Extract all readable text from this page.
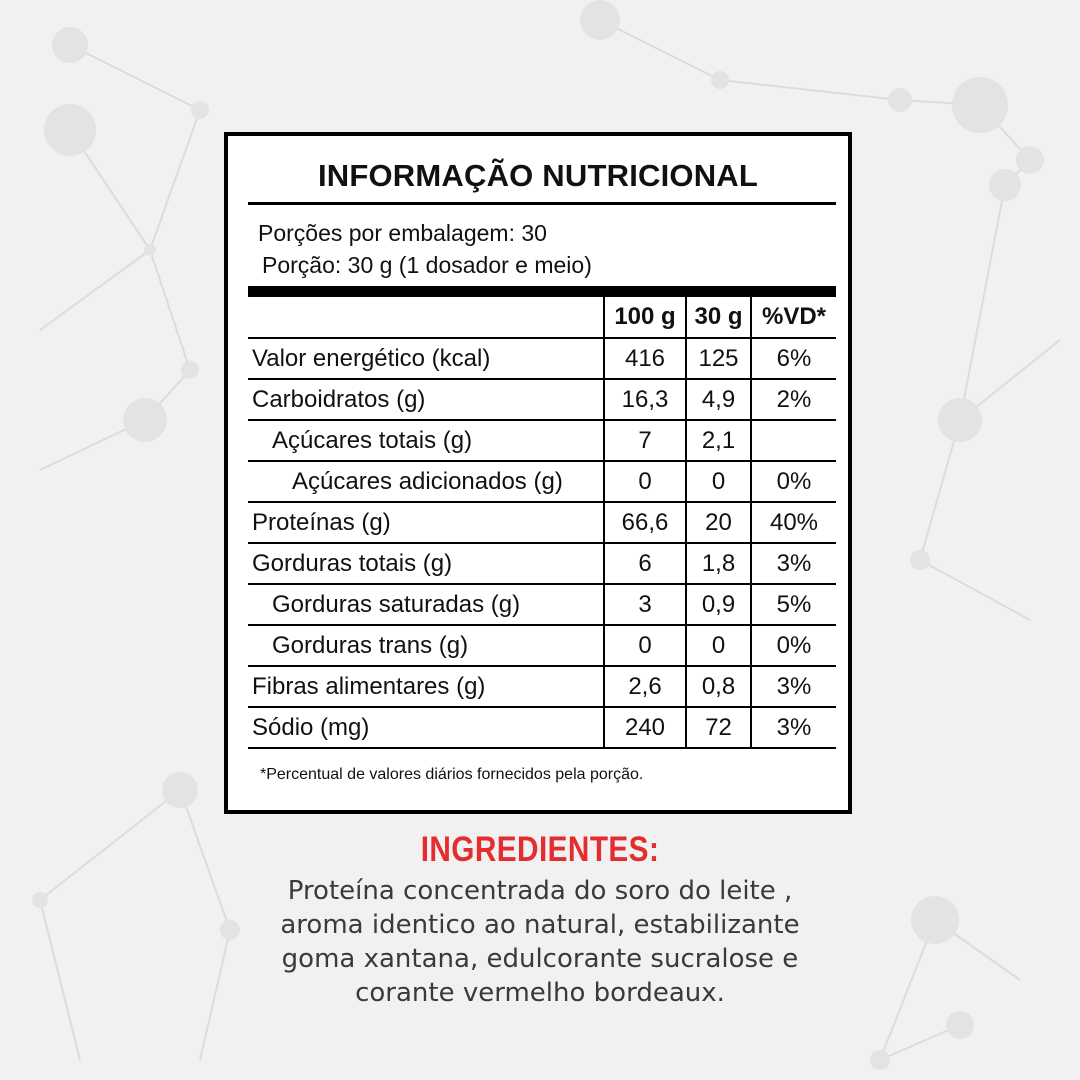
INFORMAÇÃO NUTRICIONAL
Porções por embalagem: 30
Porção: 30 g (1 dosador e meio)
	100 g	30 g	%VD*
Valor energético (kcal)	416	125	6%
Carboidratos (g)	16,3	4,9	2%
Açúcares totais (g)	7	2,1	
Açúcares adicionados (g)	0	0	0%
Proteínas (g)	66,6	20	40%
Gorduras totais (g)	6	1,8	3%
Gorduras saturadas (g)	3	0,9	5%
Gorduras trans (g)	0	0	0%
Fibras alimentares (g)	2,6	0,8	3%
Sódio (mg)	240	72	3%
*Percentual de valores diários fornecidos pela porção.
INGREDIENTES:
Proteína concentrada do soro do leite ,
aroma identico ao natural, estabilizante
goma xantana, edulcorante sucralose e
corante vermelho bordeaux.
